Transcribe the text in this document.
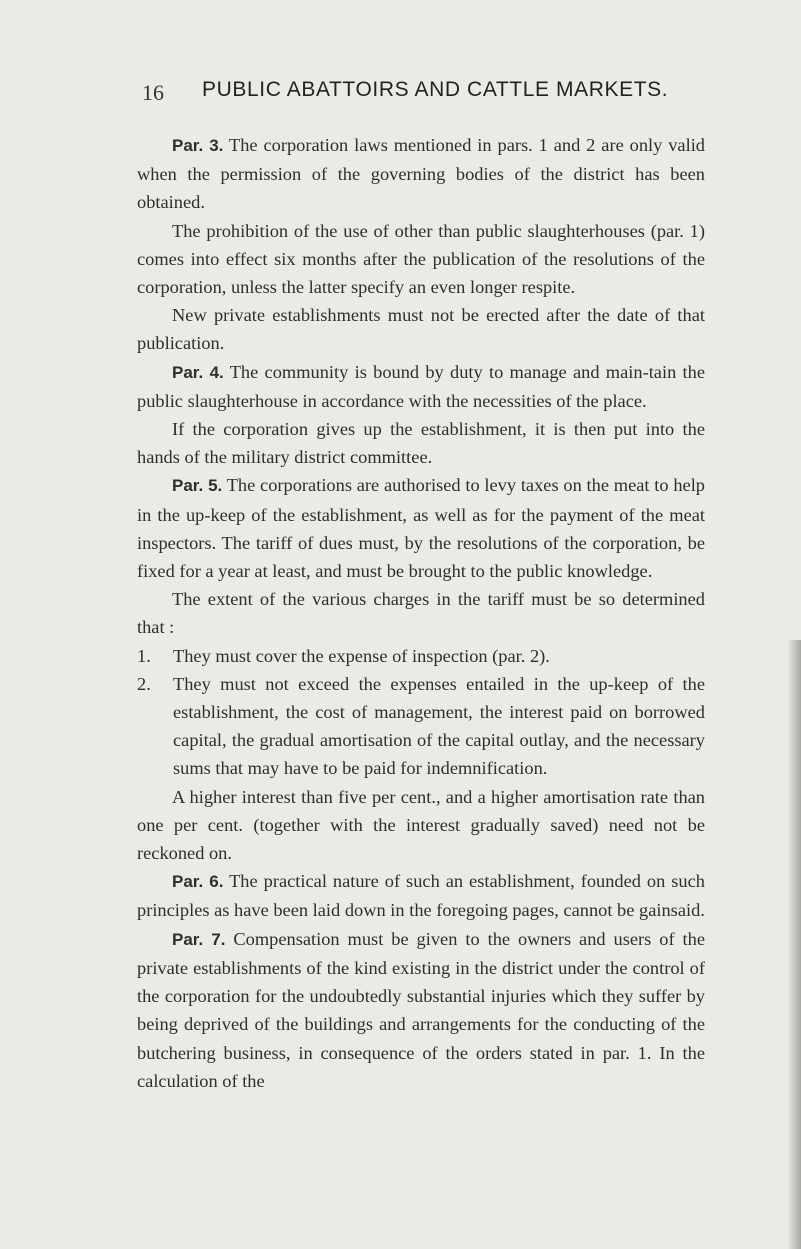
16 PUBLIC ABATTOIRS AND CATTLE MARKETS.

Par. 3. The corporation laws mentioned in pars. 1 and 2 are only valid when the permission of the governing bodies of the district has been obtained.

The prohibition of the use of other than public slaughterhouses (par. 1) comes into effect six months after the publication of the resolutions of the corporation, unless the latter specify an even longer respite.

New private establishments must not be erected after the date of that publication.

Par. 4. The community is bound by duty to manage and main-tain the public slaughterhouse in accordance with the necessities of the place.

If the corporation gives up the establishment, it is then put into the hands of the military district committee.

Par. 5. The corporations are authorised to levy taxes on the meat to help in the up-keep of the establishment, as well as for the payment of the meat inspectors. The tariff of dues must, by the resolutions of the corporation, be fixed for a year at least, and must be brought to the public knowledge.

The extent of the various charges in the tariff must be so determined that :

1.	They must cover the expense of inspection (par. 2).
2.	They must not exceed the expenses entailed in the up-keep of the establishment, the cost of management, the interest paid on borrowed capital, the gradual amortisation of the capital outlay, and the necessary sums that may have to be paid for indemnification.

A higher interest than five per cent., and a higher amortisation rate than one per cent. (together with the interest gradually saved) need not be reckoned on.

Par. 6. The practical nature of such an establishment, founded on such principles as have been laid down in the foregoing pages, cannot be gainsaid.

Par. 7. Compensation must be given to the owners and users of the private establishments of the kind existing in the district under the control of the corporation for the undoubtedly substantial injuries which they suffer by being deprived of the buildings and arrangements for the conducting of the butchering business, in consequence of the orders stated in par. 1. In the calculation of the
